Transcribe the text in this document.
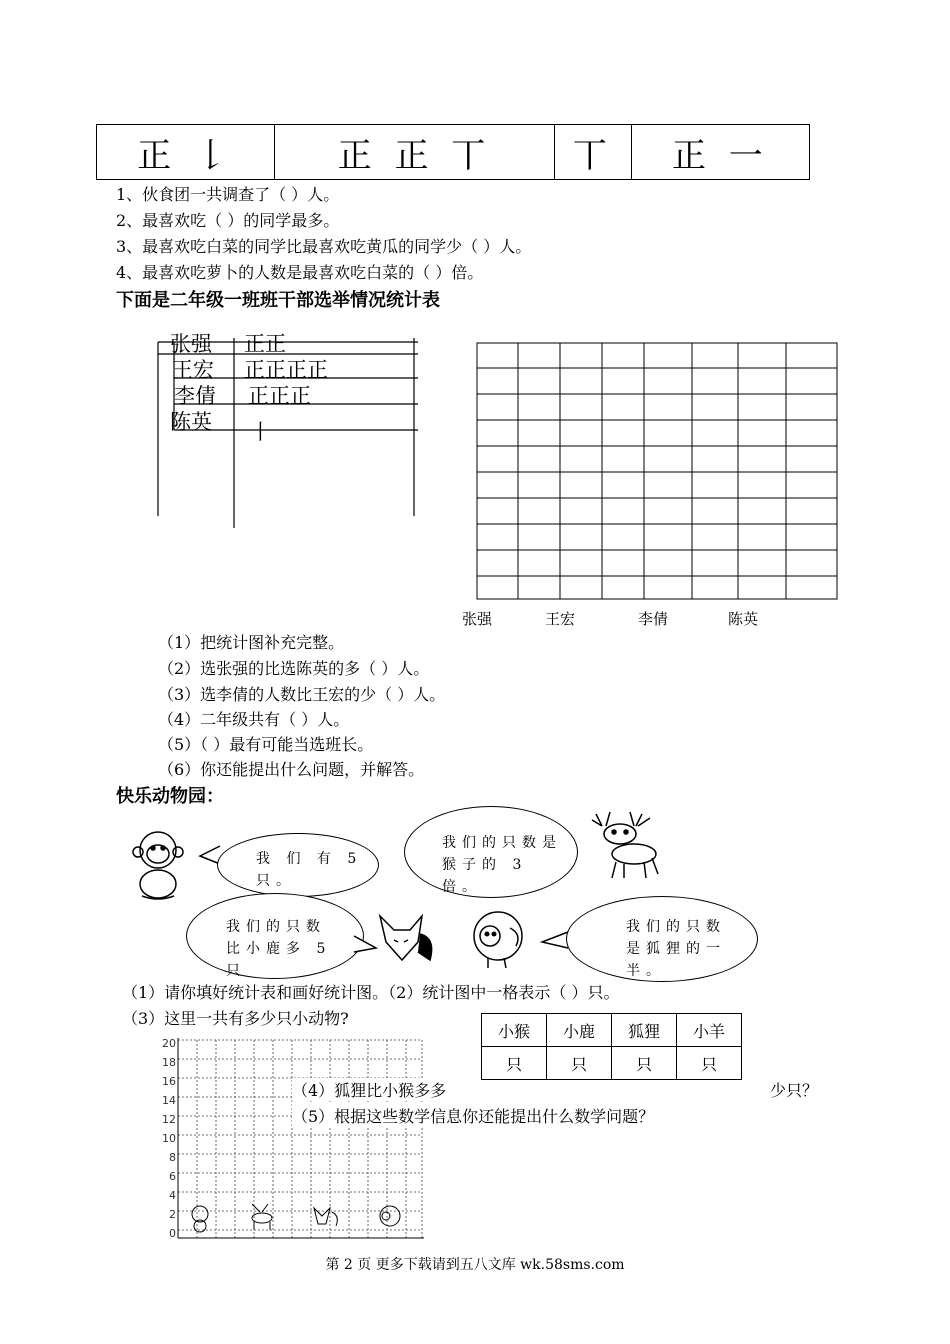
正 𠄌	正 正 丅	丅	正 一
1、伙食团一共调查了（ ）人。
2、最喜欢吃（ ）的同学最多。
3、最喜欢吃白菜的同学比最喜欢吃黄瓜的同学少（ ）人。
4、最喜欢吃萝卜的人数是最喜欢吃白菜的（ ）倍。
下面是二年级一班班干部选举情况统计表
张强 正正
王宏 正正正正
李倩 正正正
陈英 丨
张强	王宏	李倩	陈英
（1）把统计图补充完整。
（2）选张强的比选陈英的多（ ）人。
（3）选李倩的人数比王宏的少（ ）人。
（4）二年级共有（ ）人。
（5）（ ）最有可能当选班长。
（6）你还能提出什么问题，并解答。
快乐动物园：
我 们 有 5 只。
我们的只数是猴子的 3 倍。
我们的只数比小鹿多 5 只
我们的只数是狐狸的一半。
（1）请你填好统计表和画好统计图。（2）统计图中一格表示（ ）只。
（3）这里一共有多少只小动物?
小猴	小鹿	狐狸	小羊
只	只	只	只
20
18
16
14
12
10
8
6
4
2
0
（4）狐狸比小猴多多	少只？
（5）根据这些数学信息你还能提出什么数学问题？
第 2 页 更多下载请到五八文库 wk.58sms.com
